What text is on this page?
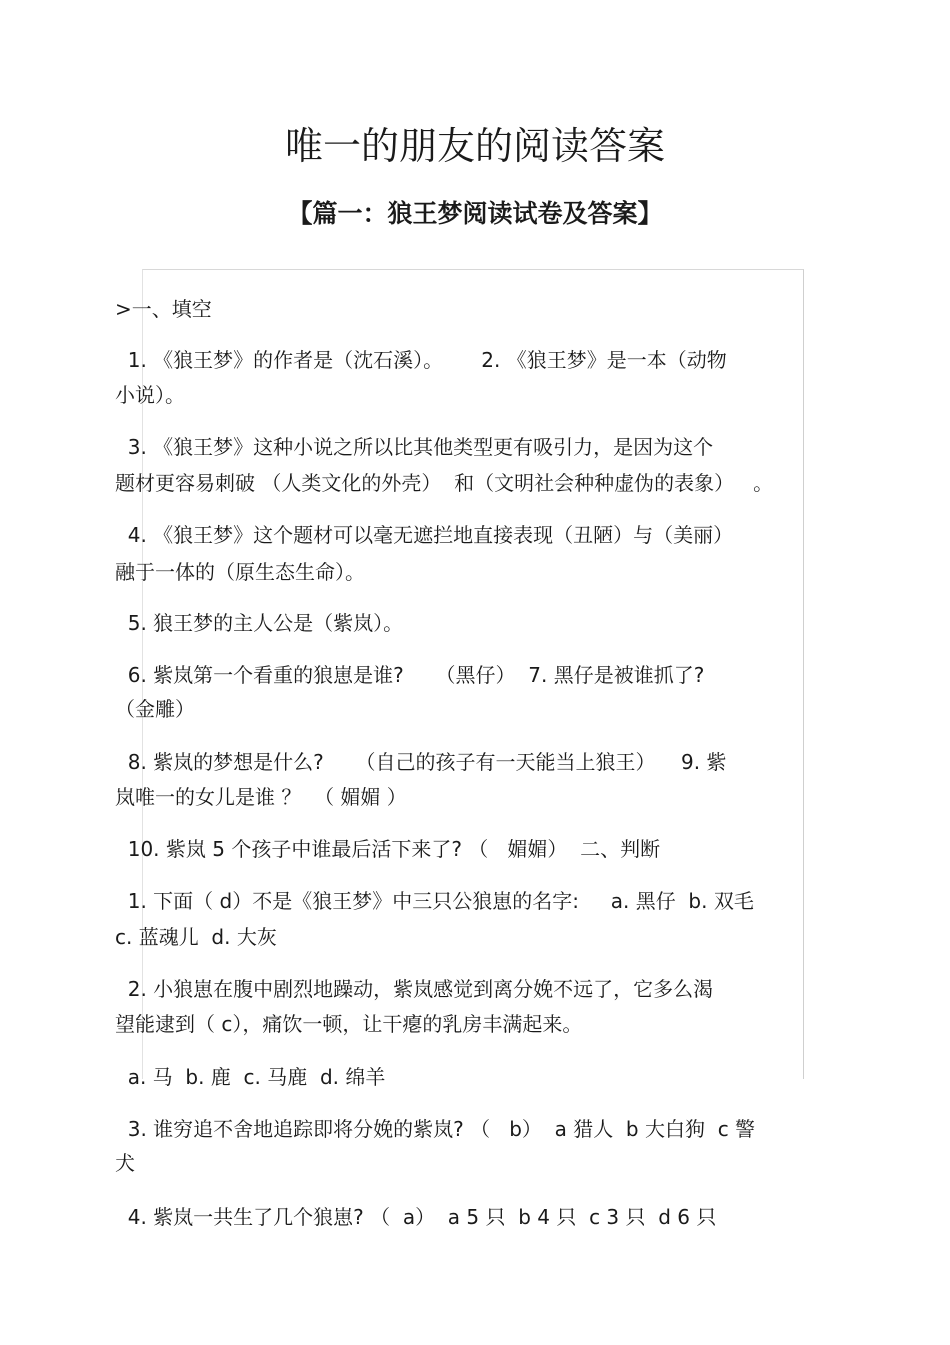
唯一的朋友的阅读答案
【篇一：狼王梦阅读试卷及答案】
>一、填空
1. 《狼王梦》的作者是（沈石溪）。      2. 《狼王梦》是一本（动物
小说）。
3. 《狼王梦》这种小说之所以比其他类型更有吸引力，是因为这个
题材更容易刺破 （人类文化的外壳）  和（文明社会种种虚伪的表象）   。
4. 《狼王梦》这个题材可以毫无遮拦地直接表现（丑陋）与（美丽）
融于一体的（原生态生命）。
5. 狼王梦的主人公是（紫岚）。
6. 紫岚第一个看重的狼崽是谁?     （黑仔）  7. 黑仔是被谁抓了?
（金雕）
8. 紫岚的梦想是什么?     （自己的孩子有一天能当上狼王）    9. 紫
岚唯一的女儿是谁 ？  （ 媚媚 ）
10. 紫岚 5 个孩子中谁最后活下来了? （   媚媚）  二、判断
1. 下面（ d）不是《狼王梦》中三只公狼崽的名字:     a. 黑仔  b. 双毛
c. 蓝魂儿  d. 大灰
2. 小狼崽在腹中剧烈地躁动，紫岚感觉到离分娩不远了，它多么渴
望能逮到（ c），痛饮一顿，让干瘪的乳房丰满起来。
a. 马  b. 鹿  c. 马鹿  d. 绵羊
3. 谁穷追不舍地追踪即将分娩的紫岚? （   b）  a 猎人  b 大白狗  c 警
犬
4. 紫岚一共生了几个狼崽? （  a）  a 5 只  b 4 只  c 3 只  d 6 只
